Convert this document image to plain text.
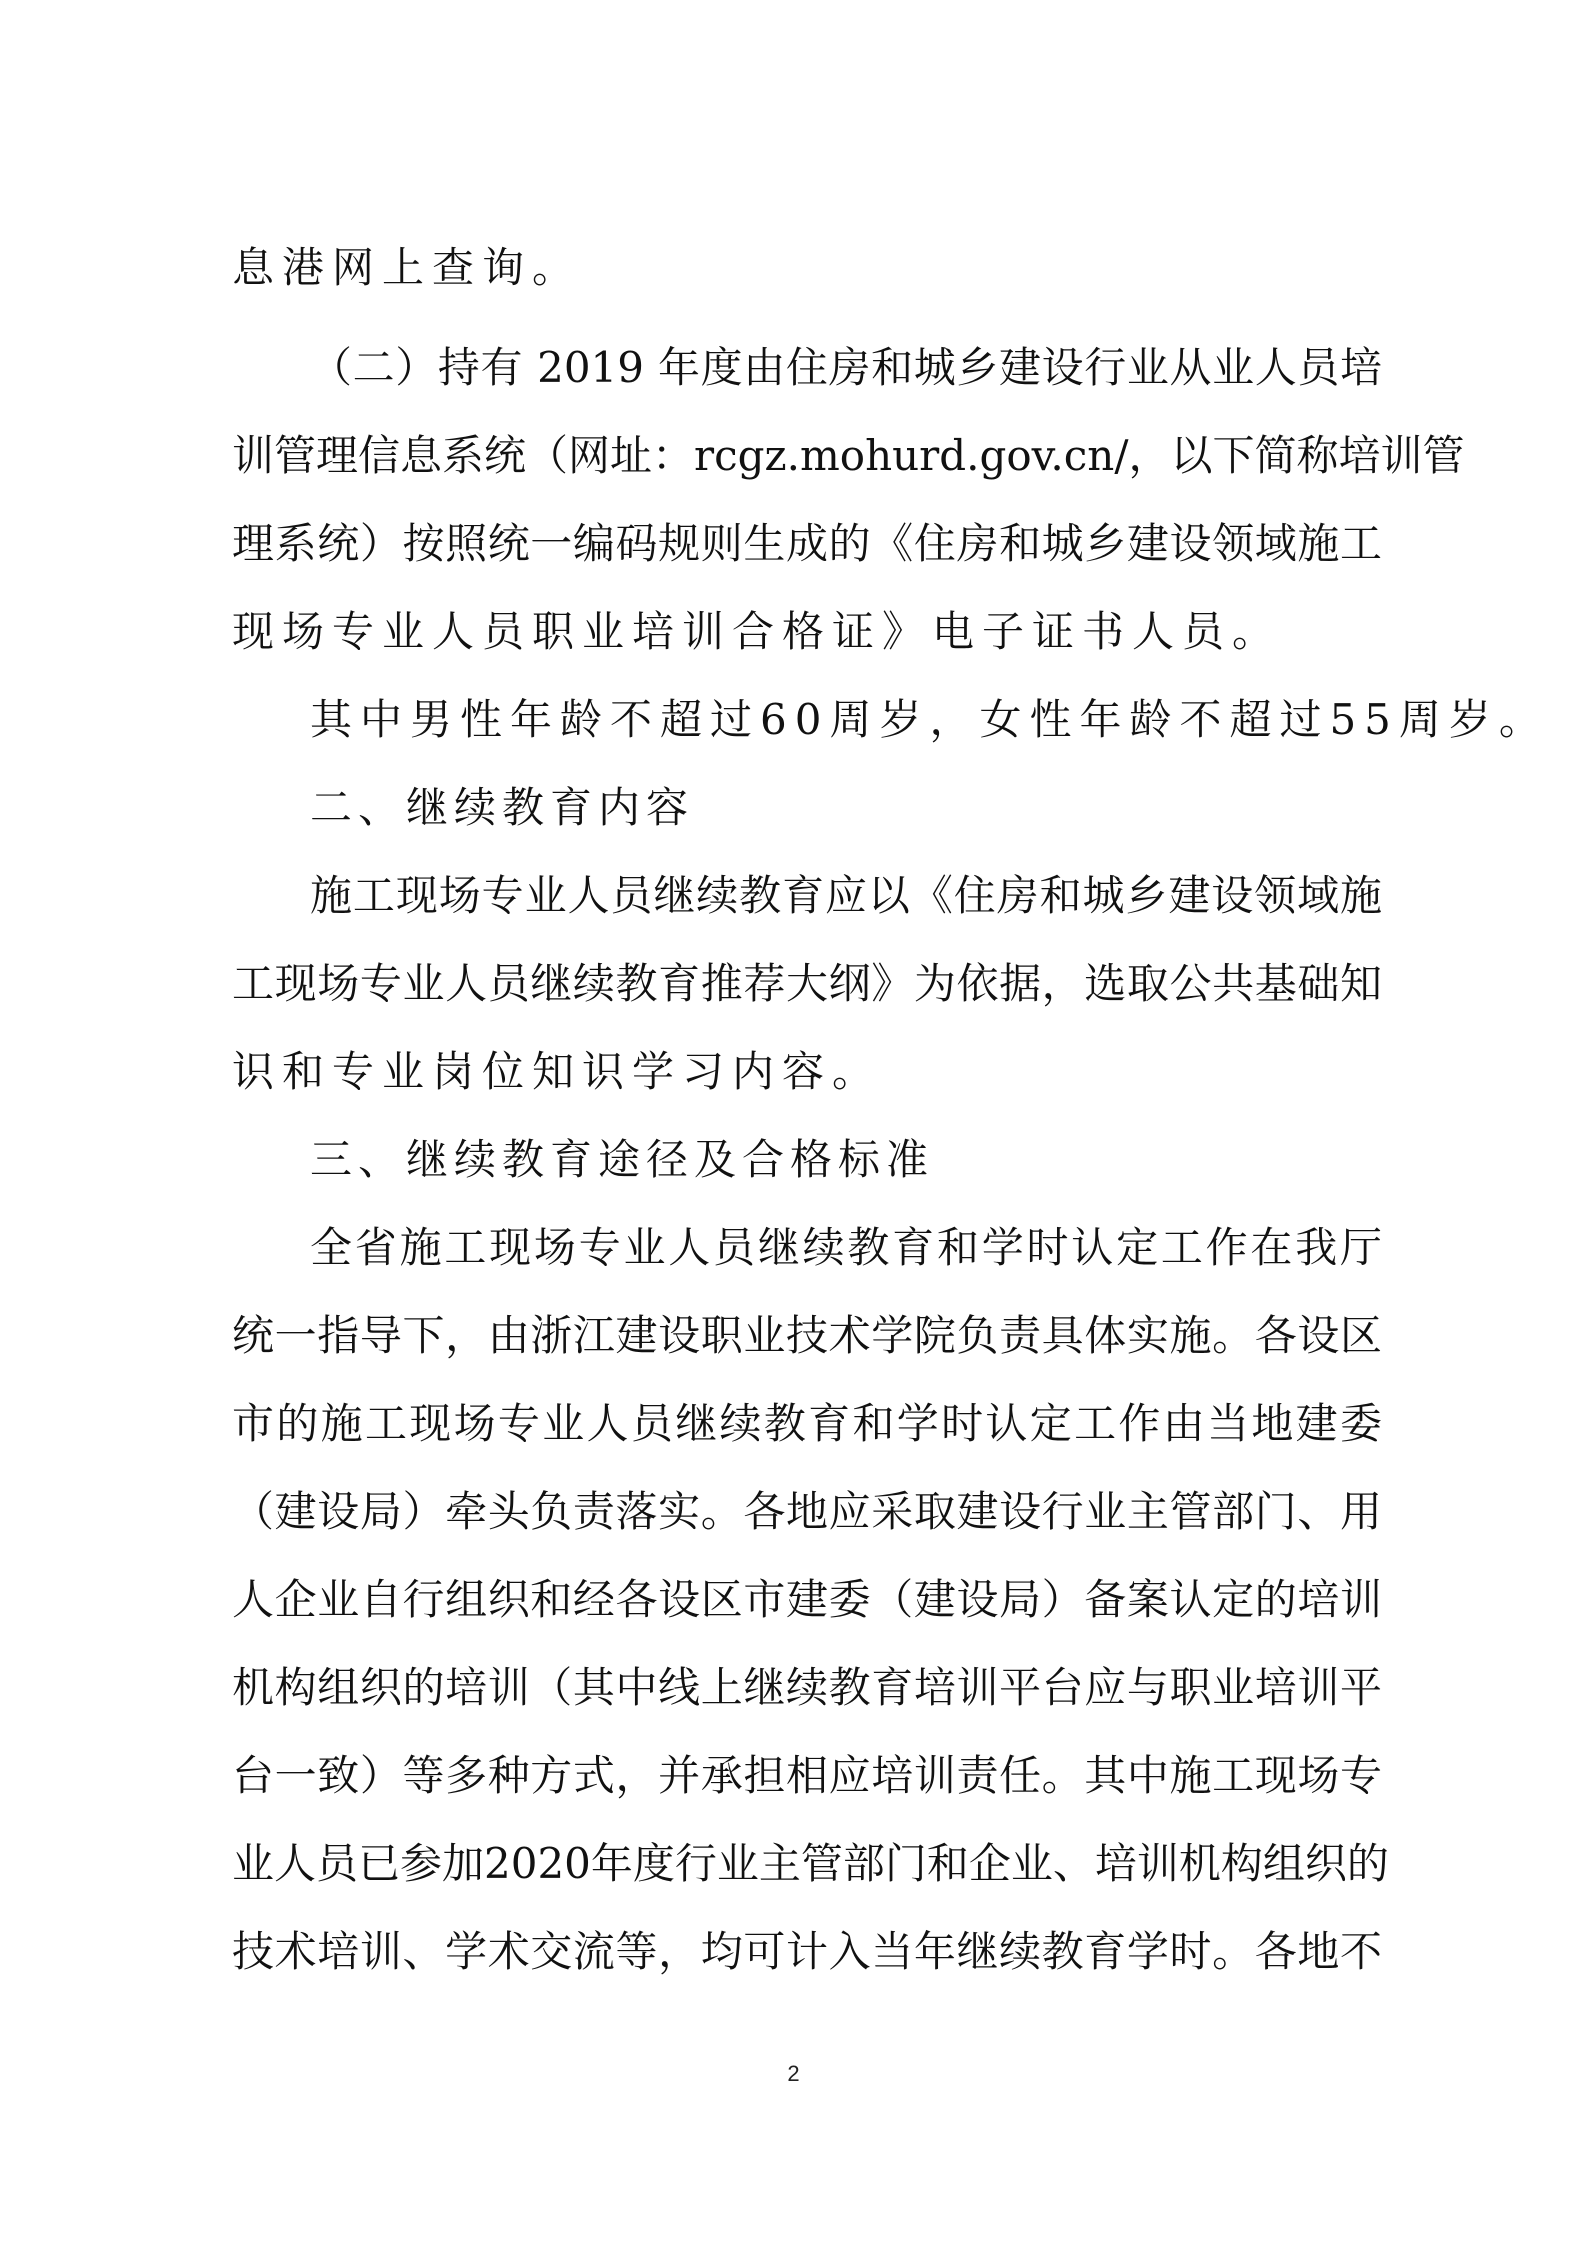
息港网上查询。
（二）持有 2019 年度由住房和城乡建设行业从业人员培
训管理信息系统（网址：rcgz.mohurd.gov.cn/，以下简称培训管
理系统）按照统一编码规则生成的《住房和城乡建设领域施工
现场专业人员职业培训合格证》电子证书人员。
其中男性年龄不超过60周岁，女性年龄不超过55周岁。
二、继续教育内容
施工现场专业人员继续教育应以《住房和城乡建设领域施
工现场专业人员继续教育推荐大纲》为依据，选取公共基础知
识和专业岗位知识学习内容。
三、继续教育途径及合格标准
全省施工现场专业人员继续教育和学时认定工作在我厅
统一指导下，由浙江建设职业技术学院负责具体实施。各设区
市的施工现场专业人员继续教育和学时认定工作由当地建委
（建设局）牵头负责落实。各地应采取建设行业主管部门、用
人企业自行组织和经各设区市建委（建设局）备案认定的培训
机构组织的培训（其中线上继续教育培训平台应与职业培训平
台一致）等多种方式，并承担相应培训责任。其中施工现场专
业人员已参加2020年度行业主管部门和企业、培训机构组织的
技术培训、学术交流等，均可计入当年继续教育学时。各地不
2
